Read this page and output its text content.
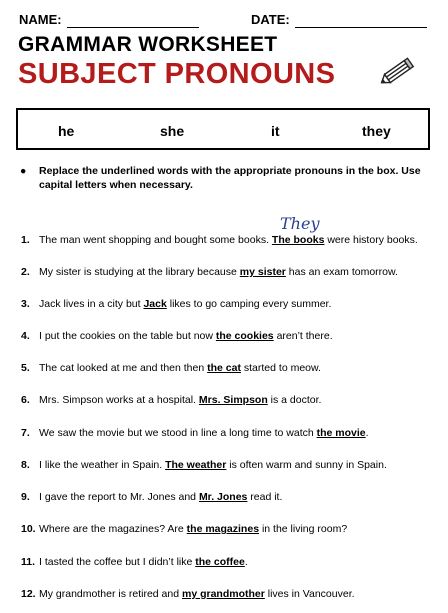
NAME:	DATE:
GRAMMAR WORKSHEET
SUBJECT PRONOUNS
he	she	it	they
● Replace the underlined words with the appropriate pronouns in the box. Use capital letters when necessary.
They
1. The man went shopping and bought some books. The books were history books.
2. My sister is studying at the library because my sister has an exam tomorrow.
3. Jack lives in a city but Jack likes to go camping every summer.
4. I put the cookies on the table but now the cookies aren’t there.
5. The cat looked at me and then then the cat started to meow.
6. Mrs. Simpson works at a hospital. Mrs. Simpson is a doctor.
7. We saw the movie but we stood in line a long time to watch the movie.
8. I like the weather in Spain. The weather is often warm and sunny in Spain.
9. I gave the report to Mr. Jones and Mr. Jones read it.
10. Where are the magazines? Are the magazines in the living room?
11. I tasted the coffee but I didn’t like the coffee.
12. My grandmother is retired and my grandmother lives in Vancouver.
